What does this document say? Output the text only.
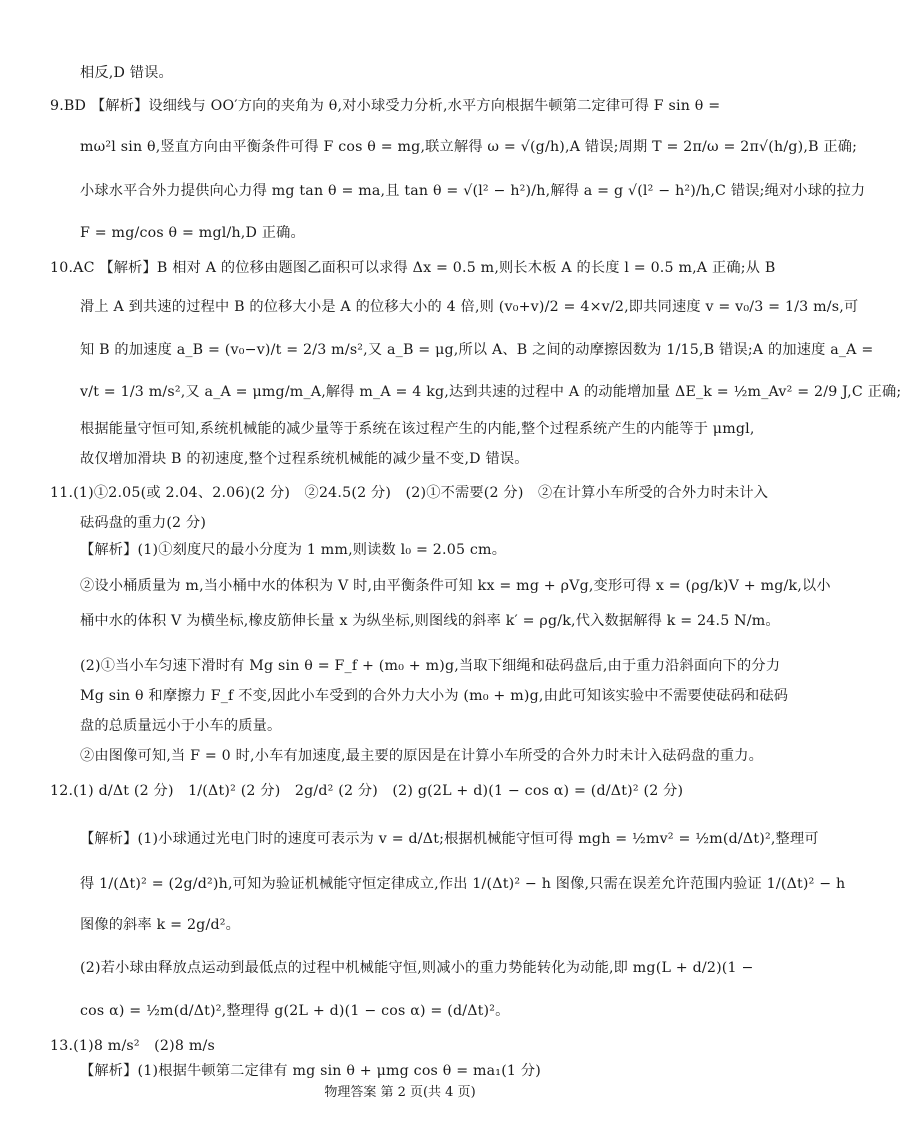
相反,D 错误。
9.BD 【解析】设细线与 OO′方向的夹角为 θ,对小球受力分析,水平方向根据牛顿第二定律可得 F sin θ =
mω²l sin θ,竖直方向由平衡条件可得 F cos θ = mg,联立解得 ω = √(g/h),A 错误;周期 T = 2π/ω = 2π√(h/g),B 正确;
小球水平合外力提供向心力得 mg tan θ = ma,且 tan θ = √(l² − h²)/h,解得 a = g √(l² − h²)/h,C 错误;绳对小球的拉力
F = mg/cos θ = mgl/h,D 正确。
10.AC 【解析】B 相对 A 的位移由题图乙面积可以求得 Δx = 0.5 m,则长木板 A 的长度 l = 0.5 m,A 正确;从 B
滑上 A 到共速的过程中 B 的位移大小是 A 的位移大小的 4 倍,则 (v₀+v)/2 = 4×v/2,即共同速度 v = v₀/3 = 1/3 m/s,可
知 B 的加速度 a_B = (v₀−v)/t = 2/3 m/s²,又 a_B = μg,所以 A、B 之间的动摩擦因数为 1/15,B 错误;A 的加速度 a_A =
v/t = 1/3 m/s²,又 a_A = μmg/m_A,解得 m_A = 4 kg,达到共速的过程中 A 的动能增加量 ΔE_k = ½m_Av² = 2/9 J,C 正确;
根据能量守恒可知,系统机械能的减少量等于系统在该过程产生的内能,整个过程系统产生的内能等于 μmgl,
故仅增加滑块 B 的初速度,整个过程系统机械能的减少量不变,D 错误。
11.(1)①2.05(或 2.04、2.06)(2 分)　②24.5(2 分)　(2)①不需要(2 分)　②在计算小车所受的合外力时未计入
砝码盘的重力(2 分)
【解析】(1)①刻度尺的最小分度为 1 mm,则读数 l₀ = 2.05 cm。
②设小桶质量为 m,当小桶中水的体积为 V 时,由平衡条件可知 kx = mg + ρVg,变形可得 x = (ρg/k)V + mg/k,以小
桶中水的体积 V 为横坐标,橡皮筋伸长量 x 为纵坐标,则图线的斜率 k′ = ρg/k,代入数据解得 k = 24.5 N/m。
(2)①当小车匀速下滑时有 Mg sin θ = F_f + (m₀ + m)g,当取下细绳和砝码盘后,由于重力沿斜面向下的分力
Mg sin θ 和摩擦力 F_f 不变,因此小车受到的合外力大小为 (m₀ + m)g,由此可知该实验中不需要使砝码和砝码
盘的总质量远小于小车的质量。
②由图像可知,当 F = 0 时,小车有加速度,最主要的原因是在计算小车所受的合外力时未计入砝码盘的重力。
12.(1) d/Δt (2 分)　1/(Δt)² (2 分)　2g/d² (2 分)　(2) g(2L + d)(1 − cos α) = (d/Δt)² (2 分)
【解析】(1)小球通过光电门时的速度可表示为 v = d/Δt;根据机械能守恒可得 mgh = ½mv² = ½m(d/Δt)²,整理可
得 1/(Δt)² = (2g/d²)h,可知为验证机械能守恒定律成立,作出 1/(Δt)² − h 图像,只需在误差允许范围内验证 1/(Δt)² − h
图像的斜率 k = 2g/d²。
(2)若小球由释放点运动到最低点的过程中机械能守恒,则减小的重力势能转化为动能,即 mg(L + d/2)(1 −
cos α) = ½m(d/Δt)²,整理得 g(2L + d)(1 − cos α) = (d/Δt)²。
13.(1)8 m/s²　(2)8 m/s
【解析】(1)根据牛顿第二定律有 mg sin θ + μmg cos θ = ma₁(1 分)
物理答案 第 2 页(共 4 页)
